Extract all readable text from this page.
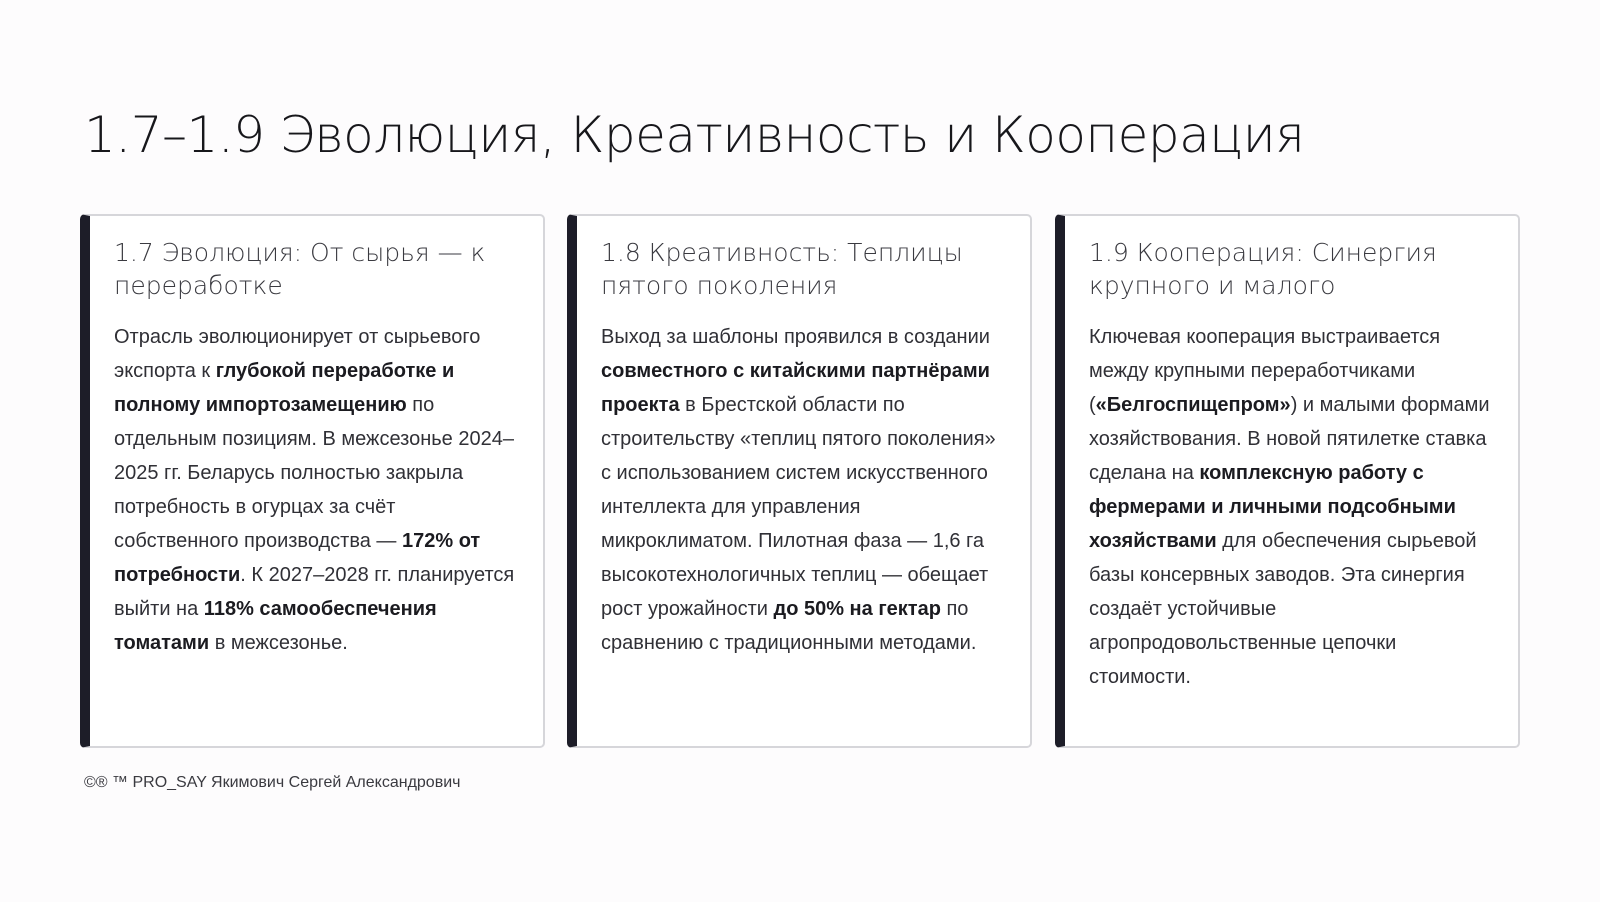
1.7–1.9 Эволюция, Креативность и Кооперация
1.7 Эволюция: От сырья — к переработке

Отрасль эволюционирует от сырьевого экспорта к глубокой переработке и полному импортозамещению по отдельным позициям. В межсезонье 2024–2025 гг. Беларусь полностью закрыла потребность в огурцах за счёт собственного производства — 172% от потребности. К 2027–2028 гг. планируется выйти на 118% самообеспечения томатами в межсезонье.

1.8 Креативность: Теплицы пятого поколения

Выход за шаблоны проявился в создании совместного с китайскими партнёрами проекта в Брестской области по строительству «теплиц пятого поколения» с использованием систем искусственного интеллекта для управления микроклиматом. Пилотная фаза — 1,6 га высокотехнологичных теплиц — обещает рост урожайности до 50% на гектар по сравнению с традиционными методами.

1.9 Кооперация: Синергия крупного и малого

Ключевая кооперация выстраивается между крупными переработчиками («Белгоспищепром») и малыми формами хозяйствования. В новой пятилетке ставка сделана на комплексную работу с фермерами и личными подсобными хозяйствами для обеспечения сырьевой базы консервных заводов. Эта синергия создаёт устойчивые агропродовольственные цепочки стоимости.

©® ™ PRO_SAY Якимович Сергей Александрович
